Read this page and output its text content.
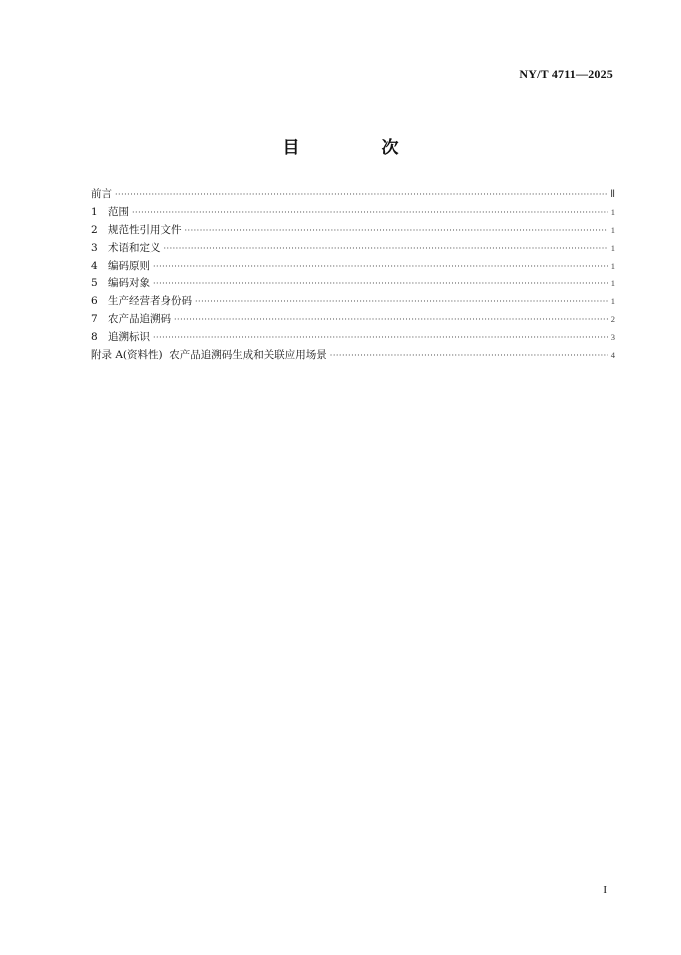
NY/T 4711—2025
目 次
前言 ·····	Ⅱ
1 范围 ·····	1
2 规范性引用文件 ·····	1
3 术语和定义 ·····	1
4 编码原则 ·····	1
5 编码对象 ·····	1
6 生产经营者身份码 ·····	1
7 农产品追溯码 ·····	2
8 追溯标识 ·····	3
附录 A(资料性)  农产品追溯码生成和关联应用场景 ·····	4
I
